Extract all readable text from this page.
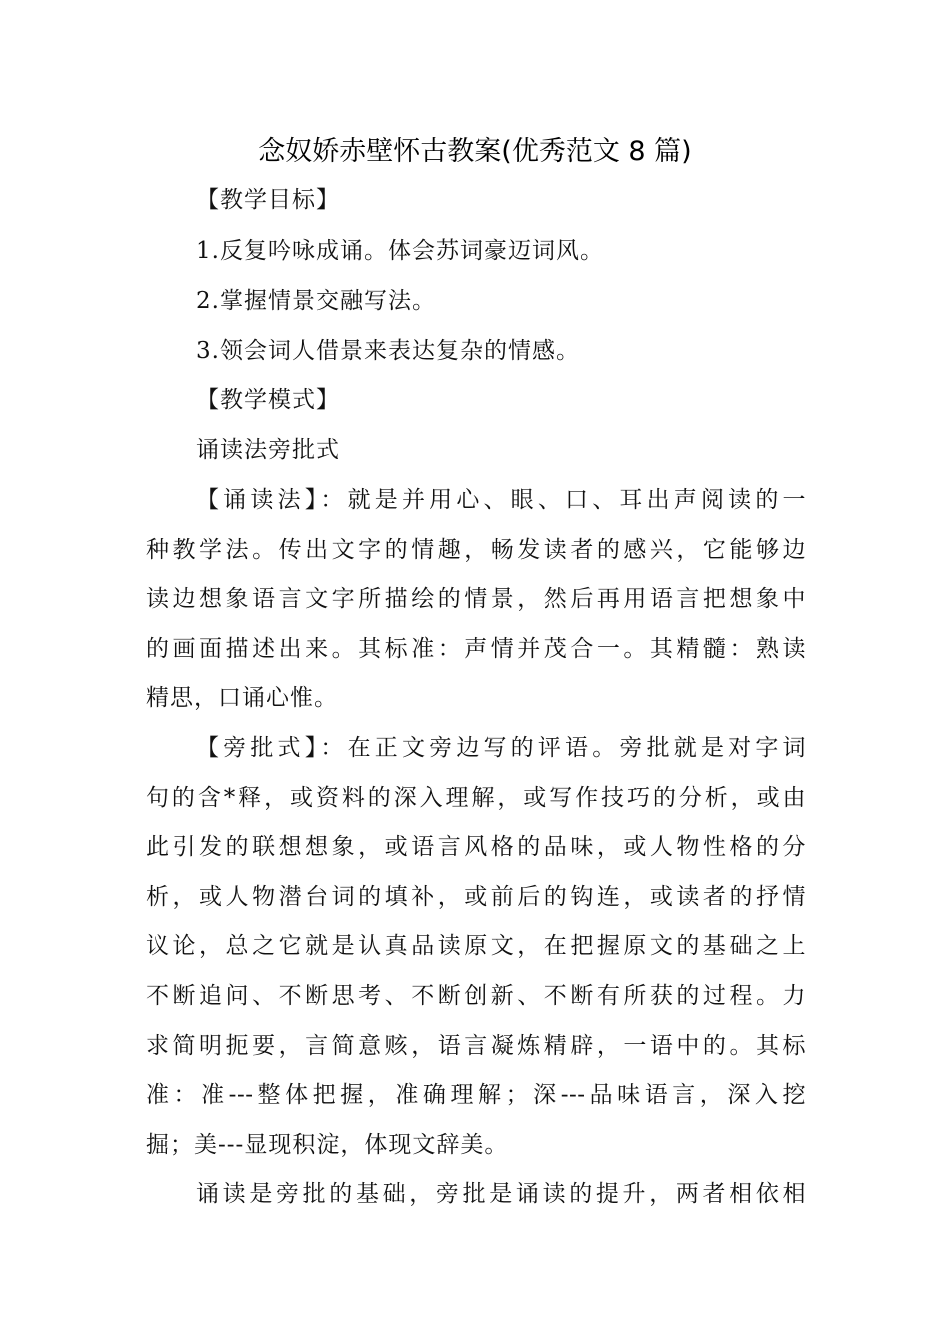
念奴娇赤壁怀古教案(优秀范文 8 篇)
【教学目标】
1.反复吟咏成诵。体会苏词豪迈词风。
2.掌握情景交融写法。
3.领会词人借景来表达复杂的情感。
【教学模式】
诵读法旁批式
【诵读法】：就是并用心、眼、口、耳出声阅读的一
种教学法。传出文字的情趣，畅发读者的感兴，它能够边
读边想象语言文字所描绘的情景，然后再用语言把想象中
的画面描述出来。其标准：声情并茂合一。其精髓：熟读
精思，口诵心惟。
【旁批式】：在正文旁边写的评语。旁批就是对字词
句的含*释，或资料的深入理解，或写作技巧的分析，或由
此引发的联想想象，或语言风格的品味，或人物性格的分
析，或人物潜台词的填补，或前后的钩连，或读者的抒情
议论，总之它就是认真品读原文，在把握原文的基础之上
不断追问、不断思考、不断创新、不断有所获的过程。力
求简明扼要，言简意赅，语言凝炼精辟，一语中的。其标
准：准---整体把握，准确理解；深---品味语言，深入挖
掘；美---显现积淀，体现文辞美。
诵读是旁批的基础，旁批是诵读的提升，两者相依相
